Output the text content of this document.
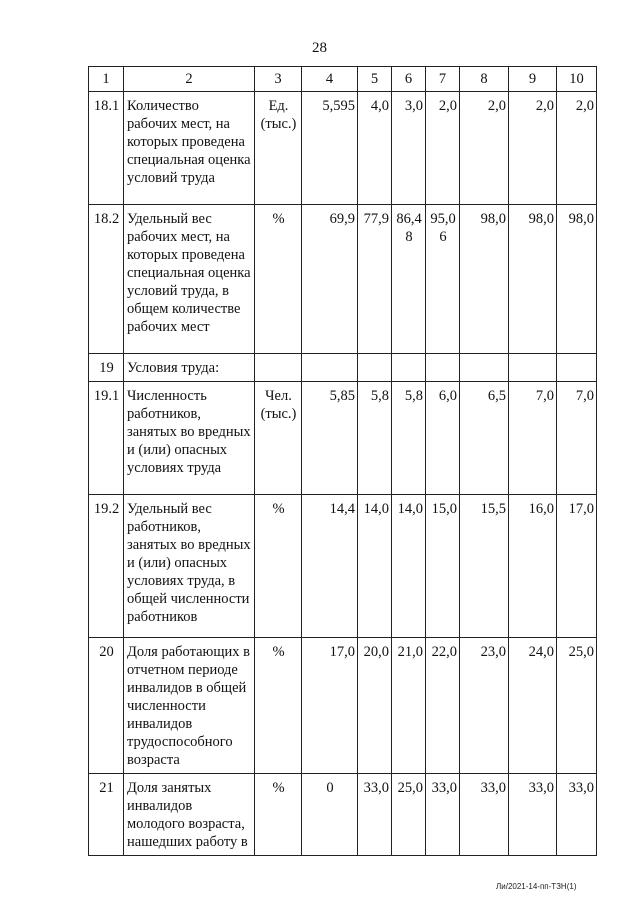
28
1	2	3	4	5	6	7	8	9	10
18.1	Количество рабочих мест, на которых проведена специальная оценка условий труда	Ед. (тыс.)	5,595	4,0	3,0	2,0	2,0	2,0	2,0
18.2	Удельный вес рабочих мест, на которых проведена специальная оценка условий труда, в общем количестве рабочих мест	%	69,9	77,9	86,48	95,06	98,0	98,0	98,0
19	Условия труда:								
19.1	Численность работников, занятых во вредных и (или) опасных условиях труда	Чел. (тыс.)	5,85	5,8	5,8	6,0	6,5	7,0	7,0
19.2	Удельный вес работников, занятых во вредных и (или) опасных условиях труда, в общей численности работников	%	14,4	14,0	14,0	15,0	15,5	16,0	17,0
20	Доля работающих в отчетном периоде инвалидов в общей численности инвалидов трудоспособного возраста	%	17,0	20,0	21,0	22,0	23,0	24,0	25,0
21	Доля занятых инвалидов молодого возраста, нашедших работу в	%	0	33,0	25,0	33,0	33,0	33,0	33,0
Ли/2021-14-пп-ТЗН(1)
